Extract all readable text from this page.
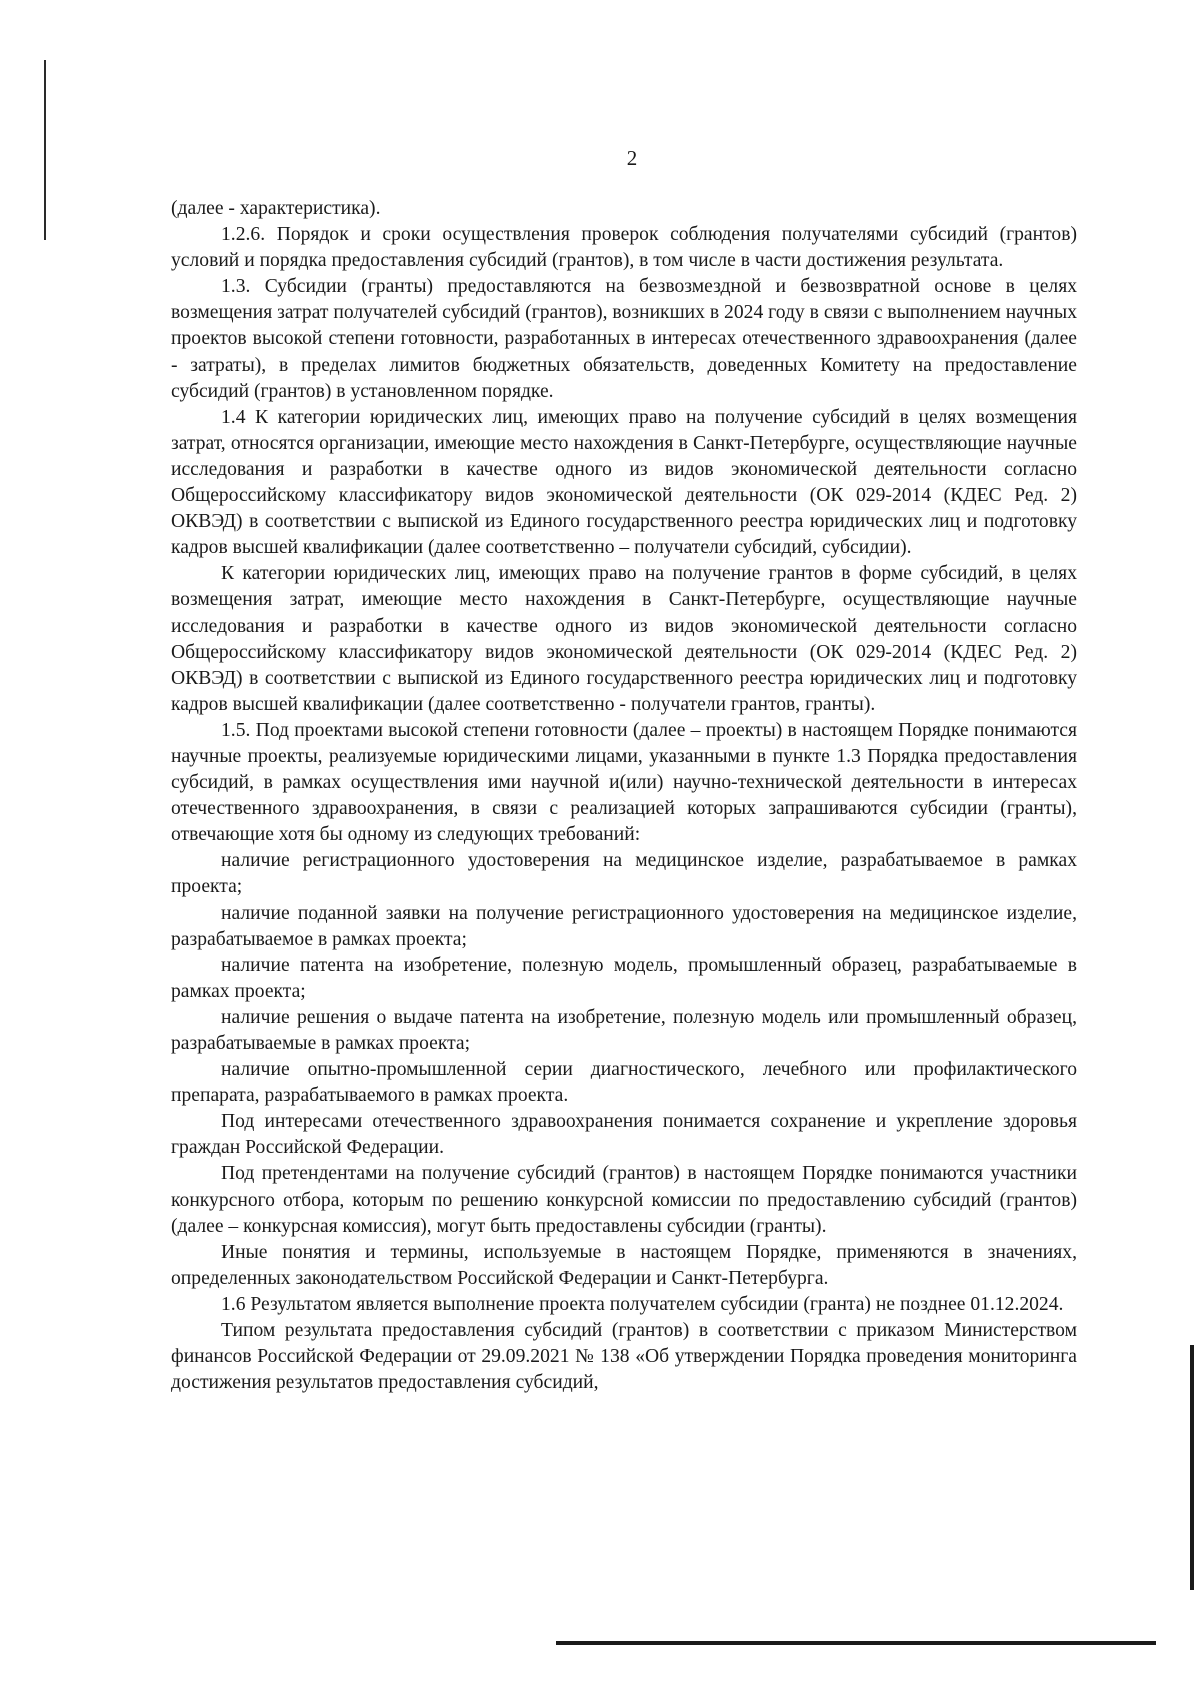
2

(далее - характеристика).

1.2.6. Порядок и сроки осуществления проверок соблюдения получателями субсидий (грантов) условий и порядка предоставления субсидий (грантов), в том числе в части достижения результата.

1.3. Субсидии (гранты) предоставляются на безвозмездной и безвозвратной основе в целях возмещения затрат получателей субсидий (грантов), возникших в 2024 году в связи с выполнением научных проектов высокой степени готовности, разработанных в интересах отечественного здравоохранения (далее - затраты), в пределах лимитов бюджетных обязательств, доведенных Комитету на предоставление субсидий (грантов) в установленном порядке.

1.4 К категории юридических лиц, имеющих право на получение субсидий в целях возмещения затрат, относятся организации, имеющие место нахождения в Санкт-Петербурге, осуществляющие научные исследования и разработки в качестве одного из видов экономической деятельности согласно Общероссийскому классификатору видов экономической деятельности (ОК 029-2014 (КДЕС Ред. 2) ОКВЭД) в соответствии с выпиской из Единого государственного реестра юридических лиц и подготовку кадров высшей квалификации (далее соответственно – получатели субсидий, субсидии).

К категории юридических лиц, имеющих право на получение грантов в форме субсидий, в целях возмещения затрат, имеющие место нахождения в Санкт-Петербурге, осуществляющие научные исследования и разработки в качестве одного из видов экономической деятельности согласно Общероссийскому классификатору видов экономической деятельности (ОК 029-2014 (КДЕС Ред. 2) ОКВЭД) в соответствии с выпиской из Единого государственного реестра юридических лиц и подготовку кадров высшей квалификации (далее соответственно - получатели грантов, гранты).

1.5. Под проектами высокой степени готовности (далее – проекты) в настоящем Порядке понимаются научные проекты, реализуемые юридическими лицами, указанными в пункте 1.3 Порядка предоставления субсидий, в рамках осуществления ими научной и(или) научно-технической деятельности в интересах отечественного здравоохранения, в связи с реализацией которых запрашиваются субсидии (гранты), отвечающие хотя бы одному из следующих требований:

наличие регистрационного удостоверения на медицинское изделие, разрабатываемое в рамках проекта;

наличие поданной заявки на получение регистрационного удостоверения на медицинское изделие, разрабатываемое в рамках проекта;

наличие патента на изобретение, полезную модель, промышленный образец, разрабатываемые в рамках проекта;

наличие решения о выдаче патента на изобретение, полезную модель или промышленный образец, разрабатываемые в рамках проекта;

наличие опытно-промышленной серии диагностического, лечебного или профилактического препарата, разрабатываемого в рамках проекта.

Под интересами отечественного здравоохранения понимается сохранение и укрепление здоровья граждан Российской Федерации.

Под претендентами на получение субсидий (грантов) в настоящем Порядке понимаются участники конкурсного отбора, которым по решению конкурсной комиссии по предоставлению субсидий (грантов) (далее – конкурсная комиссия), могут быть предоставлены субсидии (гранты).

Иные понятия и термины, используемые в настоящем Порядке, применяются в значениях, определенных законодательством Российской Федерации и Санкт-Петербурга.

1.6 Результатом является выполнение проекта получателем субсидии (гранта) не позднее 01.12.2024.

Типом результата предоставления субсидий (грантов) в соответствии с приказом Министерством финансов Российской Федерации от 29.09.2021 № 138 «Об утверждении Порядка проведения мониторинга достижения результатов предоставления субсидий,
